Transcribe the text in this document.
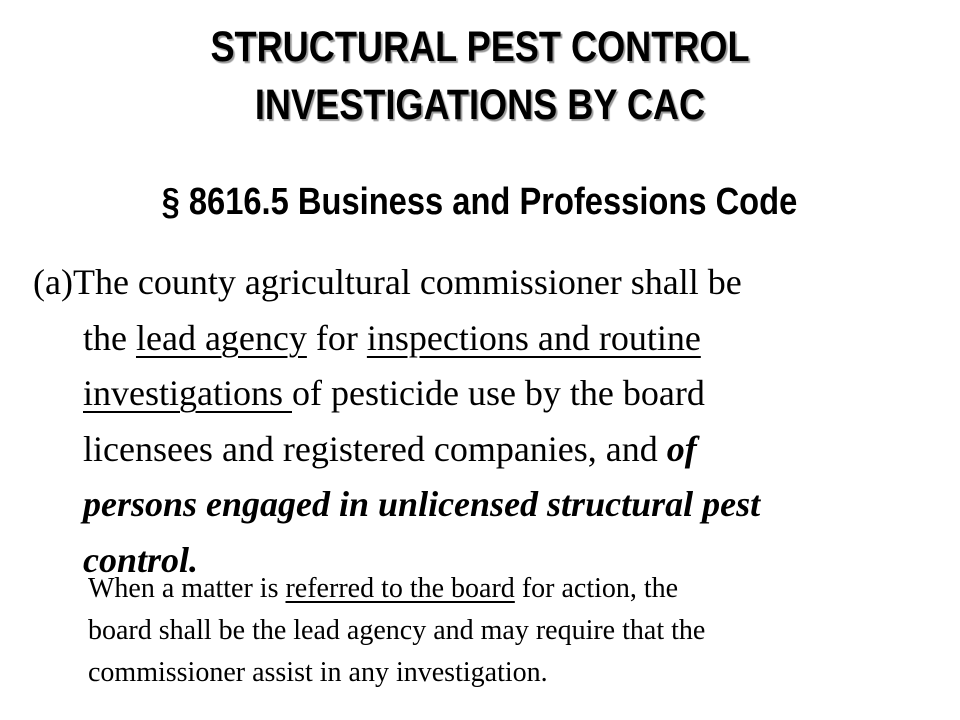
STRUCTURAL PEST CONTROL
INVESTIGATIONS BY CAC
§ 8616.5 Business and Professions Code
(a)The county agricultural commissioner shall be
the lead agency for inspections and routine
investigations of pesticide use by the board
licensees and registered companies, and of
persons engaged in unlicensed structural pest
control.
When a matter is referred to the board for action, the
board shall be the lead agency and may require that the
commissioner assist in any investigation.
